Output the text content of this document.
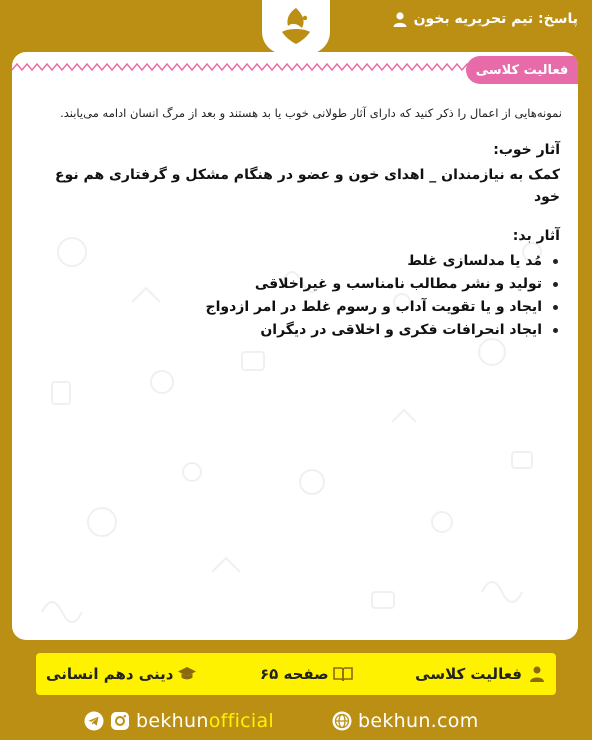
پاسخ: تیم تحریریه بخون
فعالیت کلاسی
نمونه‌هایی از اعمال را ذکر کنید که دارای آثار طولانی خوب یا بد هستند و بعد از مرگ انسان ادامه می‌یابند.
آثار خوب:
کمک به نیازمندان _ اهدای خون و عضو در هنگام مشکل و گرفتاری هم نوع خود
آثار بد:
مُد یا مدلسازی غلط
تولید و نشر مطالب نامناسب و غیراخلاقی
ایجاد و یا تقویت آداب و رسوم غلط در امر ازدواج
ایجاد انحرافات فکری و اخلاقی در دیگران
فعالیت کلاسی
صفحه ۶۵
دینی دهم انسانی
bekhunofficial	bekhun.com
